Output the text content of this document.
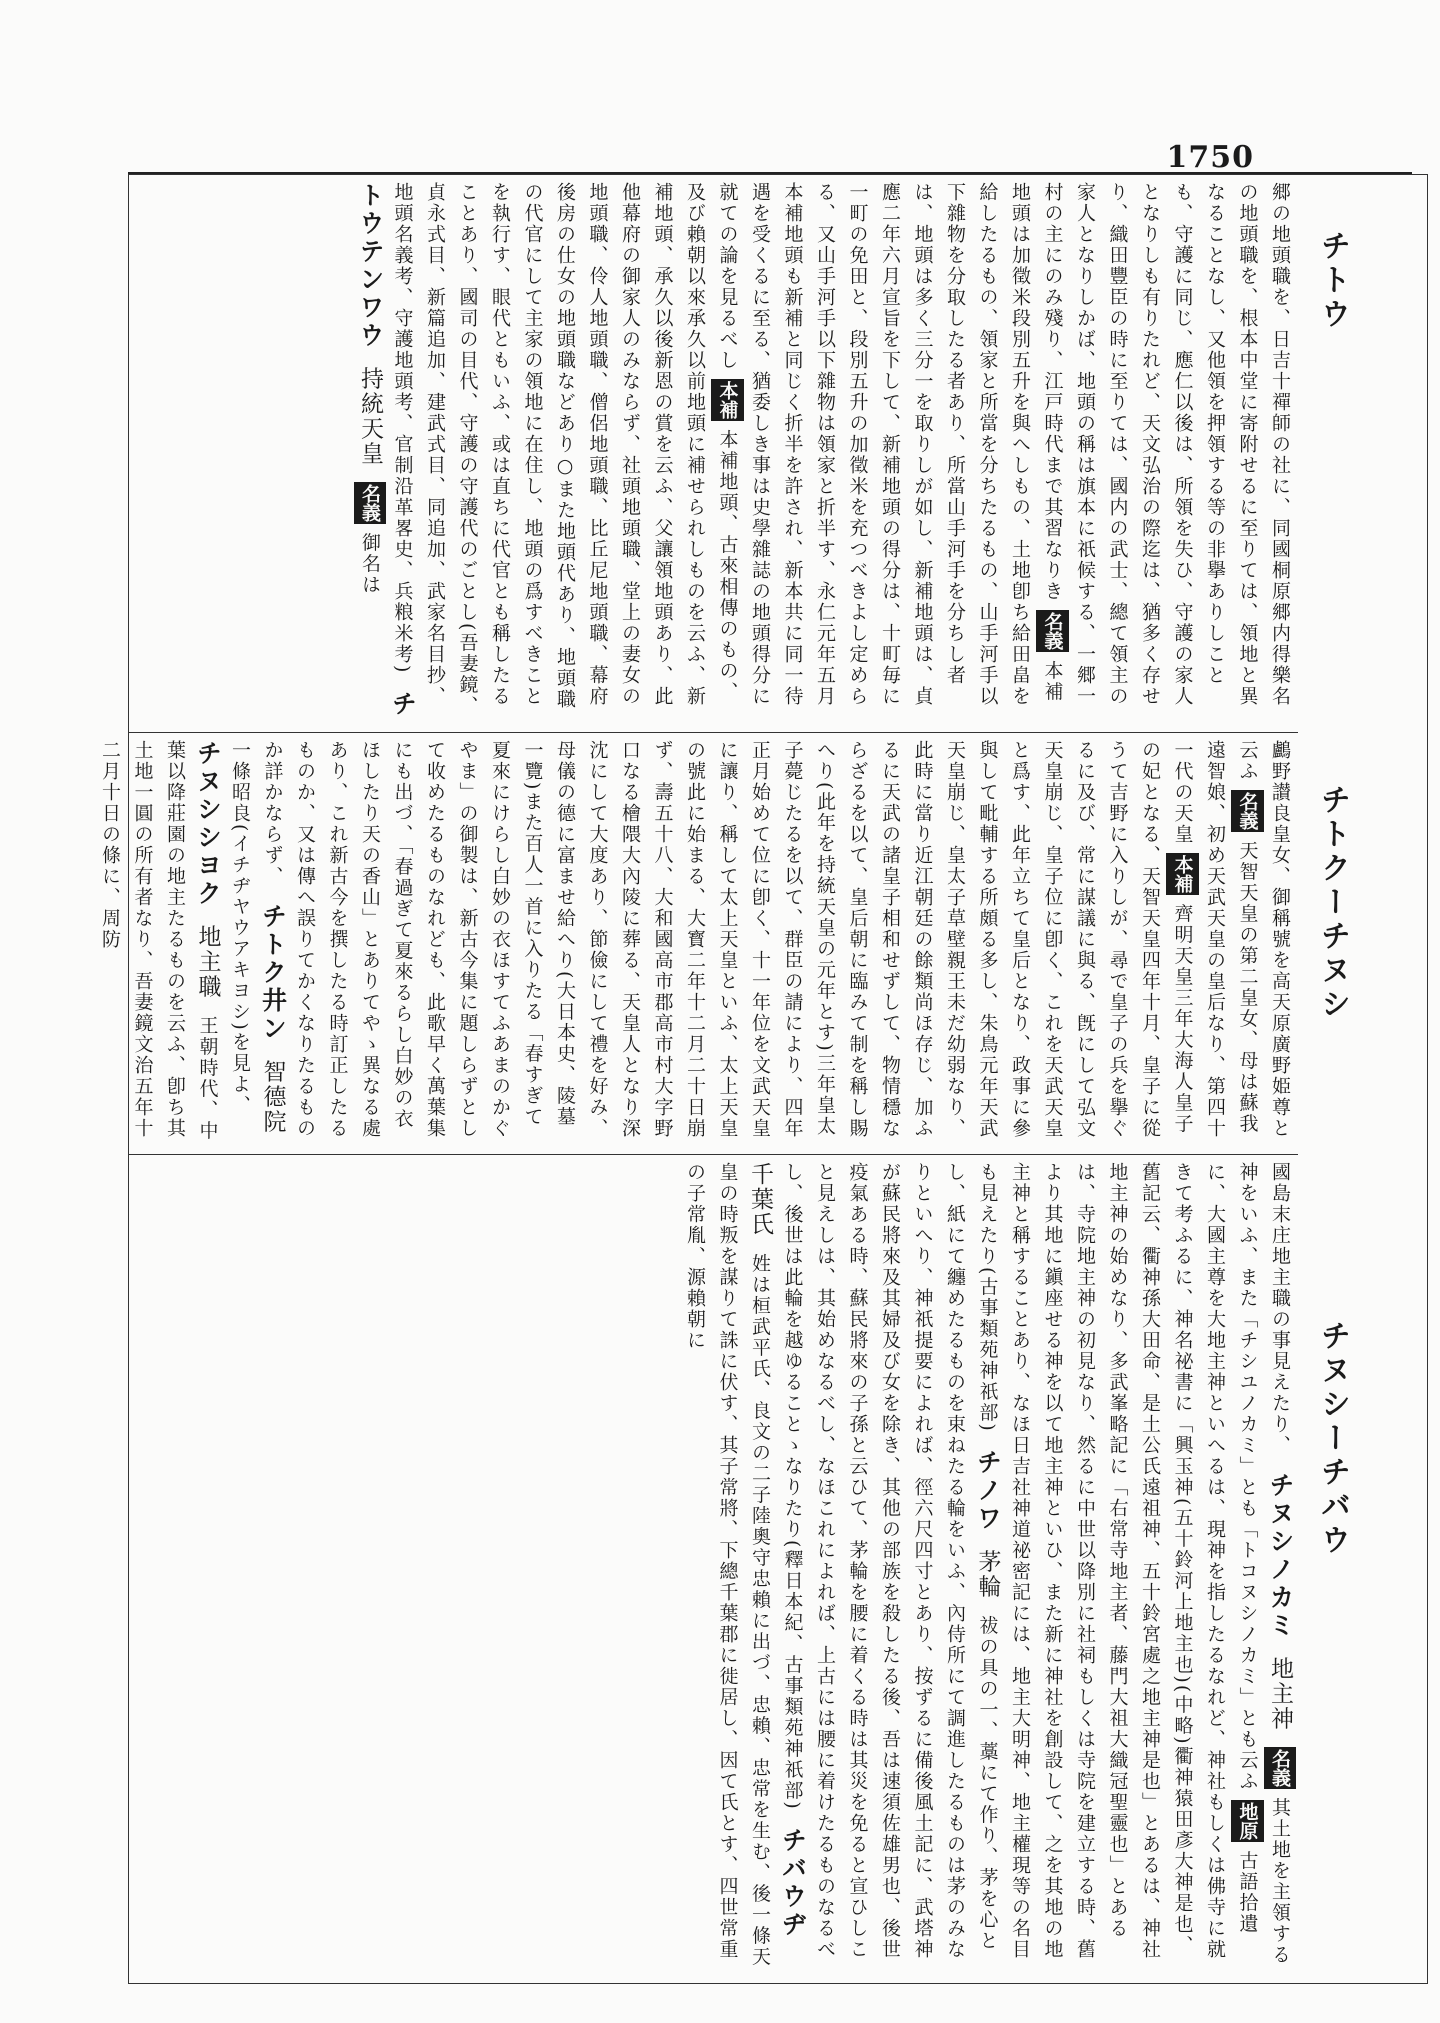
1750
チトウ
チトクーチヌシ
チヌシーチバウ
郷の地頭職を、日吉十禪師の社に、同國桐原郷内得樂名の地頭職を、根本中堂に寄附せるに至りては、領地と異なることなし、又他領を押領する等の非擧ありしことも、守護に同じ、應仁以後は、所領を失ひ、守護の家人となりしも有りたれど、天文弘治の際迄は、猶多く存せり、織田豐臣の時に至りては、國内の武士、總て領主の家人となりしかば、地頭の稱は旗本に祇候する、一郷一村の主にのみ殘り、江戸時代まで其習なりき 名義 本補地頭は加徵米段別五升を與へしもの、土地卽ち給田畠を給したるもの、領家と所當を分ちたるもの、山手河手以下雜物を分取したる者あり、所當山手河手を分ちし者は、地頭は多く三分一を取りしが如し、新補地頭は、貞應二年六月宣旨を下して、新補地頭の得分は、十町毎に一町の免田と、段別五升の加徵米を充つべきよし定めらる、又山手河手以下雜物は領家と折半す、永仁元年五月本補地頭も新補と同じく折半を許され、新本共に同一待遇を受くるに至る、猶委しき事は史學雜誌の地頭得分に就ての論を見るべし 本補 本補地頭、古來相傳のもの、及び賴朝以來承久以前地頭に補せられしものを云ふ、新補地頭、承久以後新恩の賞を云ふ、父讓領地頭あり、此他幕府の御家人のみならず、社頭地頭職、堂上の妻女の地頭職、伶人地頭職、僧侶地頭職、比丘尼地頭職、幕府後房の仕女の地頭職などあり○また地頭代あり、地頭職の代官にして主家の領地に在住し、地頭の爲すべきことを執行す、眼代ともいふ、或は直ちに代官とも稱したることあり、國司の目代、守護の守護代のごとし(吾妻鏡、貞永式目、新篇追加、建武式目、同追加、武家名目抄、地頭名義考、守護地頭考、官制沿革畧史、兵粮米考)  チトウテンワウ  持統天皇  名義 御名は
鸕野讃良皇女、御稱號を高天原廣野姫尊と云ふ 名義 天智天皇の第二皇女、母は蘇我遠智娘、初め天武天皇の皇后なり、第四十一代の天皇 本補 齊明天皇三年大海人皇子の妃となる、天智天皇四年十月、皇子に從うて吉野に入りしが、尋で皇子の兵を擧ぐるに及び、常に謀議に與る、旣にして弘文天皇崩じ、皇子位に卽く、これを天武天皇と爲す、此年立ちて皇后となり、政事に參與して毗輔する所頗る多し、朱鳥元年天武天皇崩じ、皇太子草壁親王未だ幼弱なり、此時に當り近江朝廷の餘類尚ほ存じ、加ふるに天武の諸皇子相和せずして、物情穩ならざるを以て、皇后朝に臨みて制を稱し賜へり(此年を持統天皇の元年とす)三年皇太子薨じたるを以て、群臣の請により、四年正月始めて位に卽く、十一年位を文武天皇に讓り、稱して太上天皇といふ、太上天皇の號此に始まる、大寳二年十二月二十日崩ず、壽五十八、大和國高市郡高市村大字野口なる檜隈大內陵に葬る、天皇人となり深沈にして大度あり、節儉にして禮を好み、母儀の德に富ませ給へり(大日本史、陵墓一覽)また百人一首に入りたる「春すぎて夏來にけらし白妙の衣ほすてふあまのかぐやま」の御製は、新古今集に題しらずとして收めたるものなれども、此歌早く萬葉集にも出づ、「春過ぎて夏來るらし白妙の衣ほしたり天の香山」とありてやゝ異なる處あり、これ新古今を撰したる時訂正したるものか、又は傳へ誤りてかくなりたるものか詳かならず、  チトク井ン  智德院  一條昭良(イチヂヤウアキヨシ)を見よ、  チヌシシヨク  地主職  王朝時代、中葉以降莊園の地主たるものを云ふ、卽ち其土地一圓の所有者なり、吾妻鏡文治五年十二月十日の條に、周防
國島末庄地主職の事見えたり、  チヌシノカミ  地主神  名義 其土地を主領する神をいふ、また「チシユノカミ」とも「トコヌシノカミ」とも云ふ 地原 古語拾遺に、大國主尊を大地主神といへるは、現神を指したるなれど、神社もしくは佛寺に就きて考ふるに、神名祕書に「興玉神(五十鈴河上地主也)(中略)衢神猿田彥大神是也、舊記云、衢神孫大田命、是土公氏遠祖神、五十鈴宮處之地主神是也」とあるは、神社地主神の始めなり、多武峯略記に「右常寺地主者、藤門大祖大織冠聖靈也」とあるは、寺院地主神の初見なり、然るに中世以降別に社祠もしくは寺院を建立する時、舊より其地に鎭座せる神を以て地主神といひ、また新に神社を創設して、之を其地の地主神と稱することあり、なほ日吉社神道祕密記には、地主大明神、地主權現等の名目も見えたり(古事類苑神祇部)  チノワ  茅輪  祓の具の一、藁にて作り、茅を心とし、紙にて纏めたるものを束ねたる輪をいふ、內侍所にて調進したるものは茅のみなりといへり、神祇提要によれば、徑六尺四寸とあり、按ずるに備後風土記に、武塔神が蘇民將來及其婦及び女を除き、其他の部族を殺したる後、吾は速須佐雄男也、後世疫氣ある時、蘇民將來の子孫と云ひて、茅輪を腰に着くる時は其災を免ると宣ひしこと見えしは、其始めなるべし、なほこれによれば、上古には腰に着けたるものなるべし、後世は此輪を越ゆることゝなりたり(釋日本紀、古事類苑神祇部)  チバウヂ  千葉氏  姓は桓武平氏、良文の二子陸奧守忠賴に出づ、忠賴、忠常を生む、後一條天皇の時叛を謀りて誅に伏す、其子常將、下總千葉郡に徙居し、因て氏とす、四世常重の子常胤、源賴朝に
